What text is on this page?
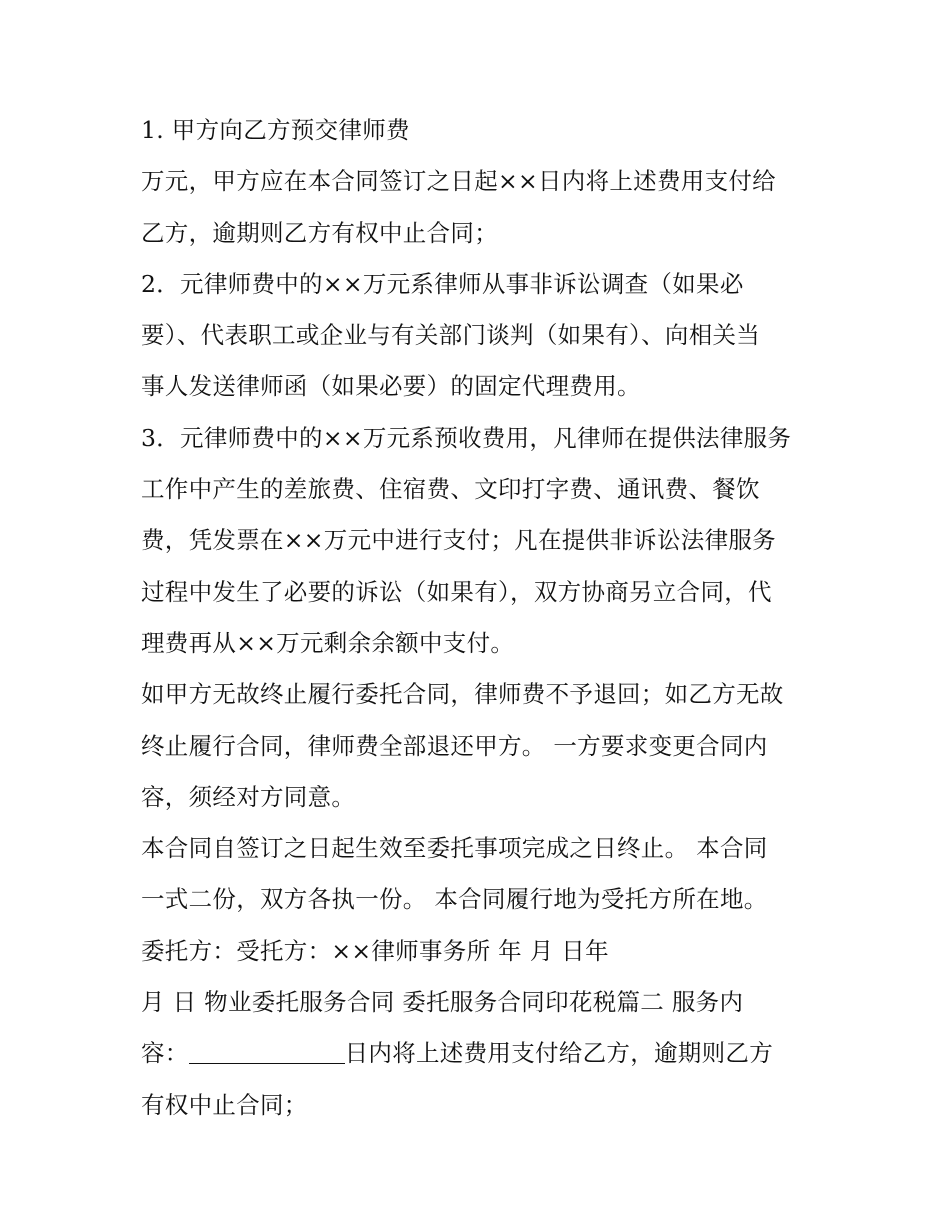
1. 甲方向乙方预交律师费
万元，甲方应在本合同签订之日起××日内将上述费用支付给
乙方，逾期则乙方有权中止合同；
2．元律师费中的××万元系律师从事非诉讼调查（如果必
要）、代表职工或企业与有关部门谈判（如果有）、向相关当
事人发送律师函（如果必要）的固定代理费用。
3．元律师费中的××万元系预收费用，凡律师在提供法律服务
工作中产生的差旅费、住宿费、文印打字费、通讯费、餐饮
费，凭发票在××万元中进行支付；凡在提供非诉讼法律服务
过程中发生了必要的诉讼（如果有），双方协商另立合同，代
理费再从××万元剩余余额中支付。
如甲方无故终止履行委托合同，律师费不予退回；如乙方无故
终止履行合同，律师费全部退还甲方。 一方要求变更合同内
容，须经对方同意。
本合同自签订之日起生效至委托事项完成之日终止。 本合同
一式二份，双方各执一份。 本合同履行地为受托方所在地。
委托方：受托方：××律师事务所 年 月 日年
月 日 物业委托服务合同 委托服务合同印花税篇二 服务内
容：	日内将上述费用支付给乙方，逾期则乙方
有权中止合同；
